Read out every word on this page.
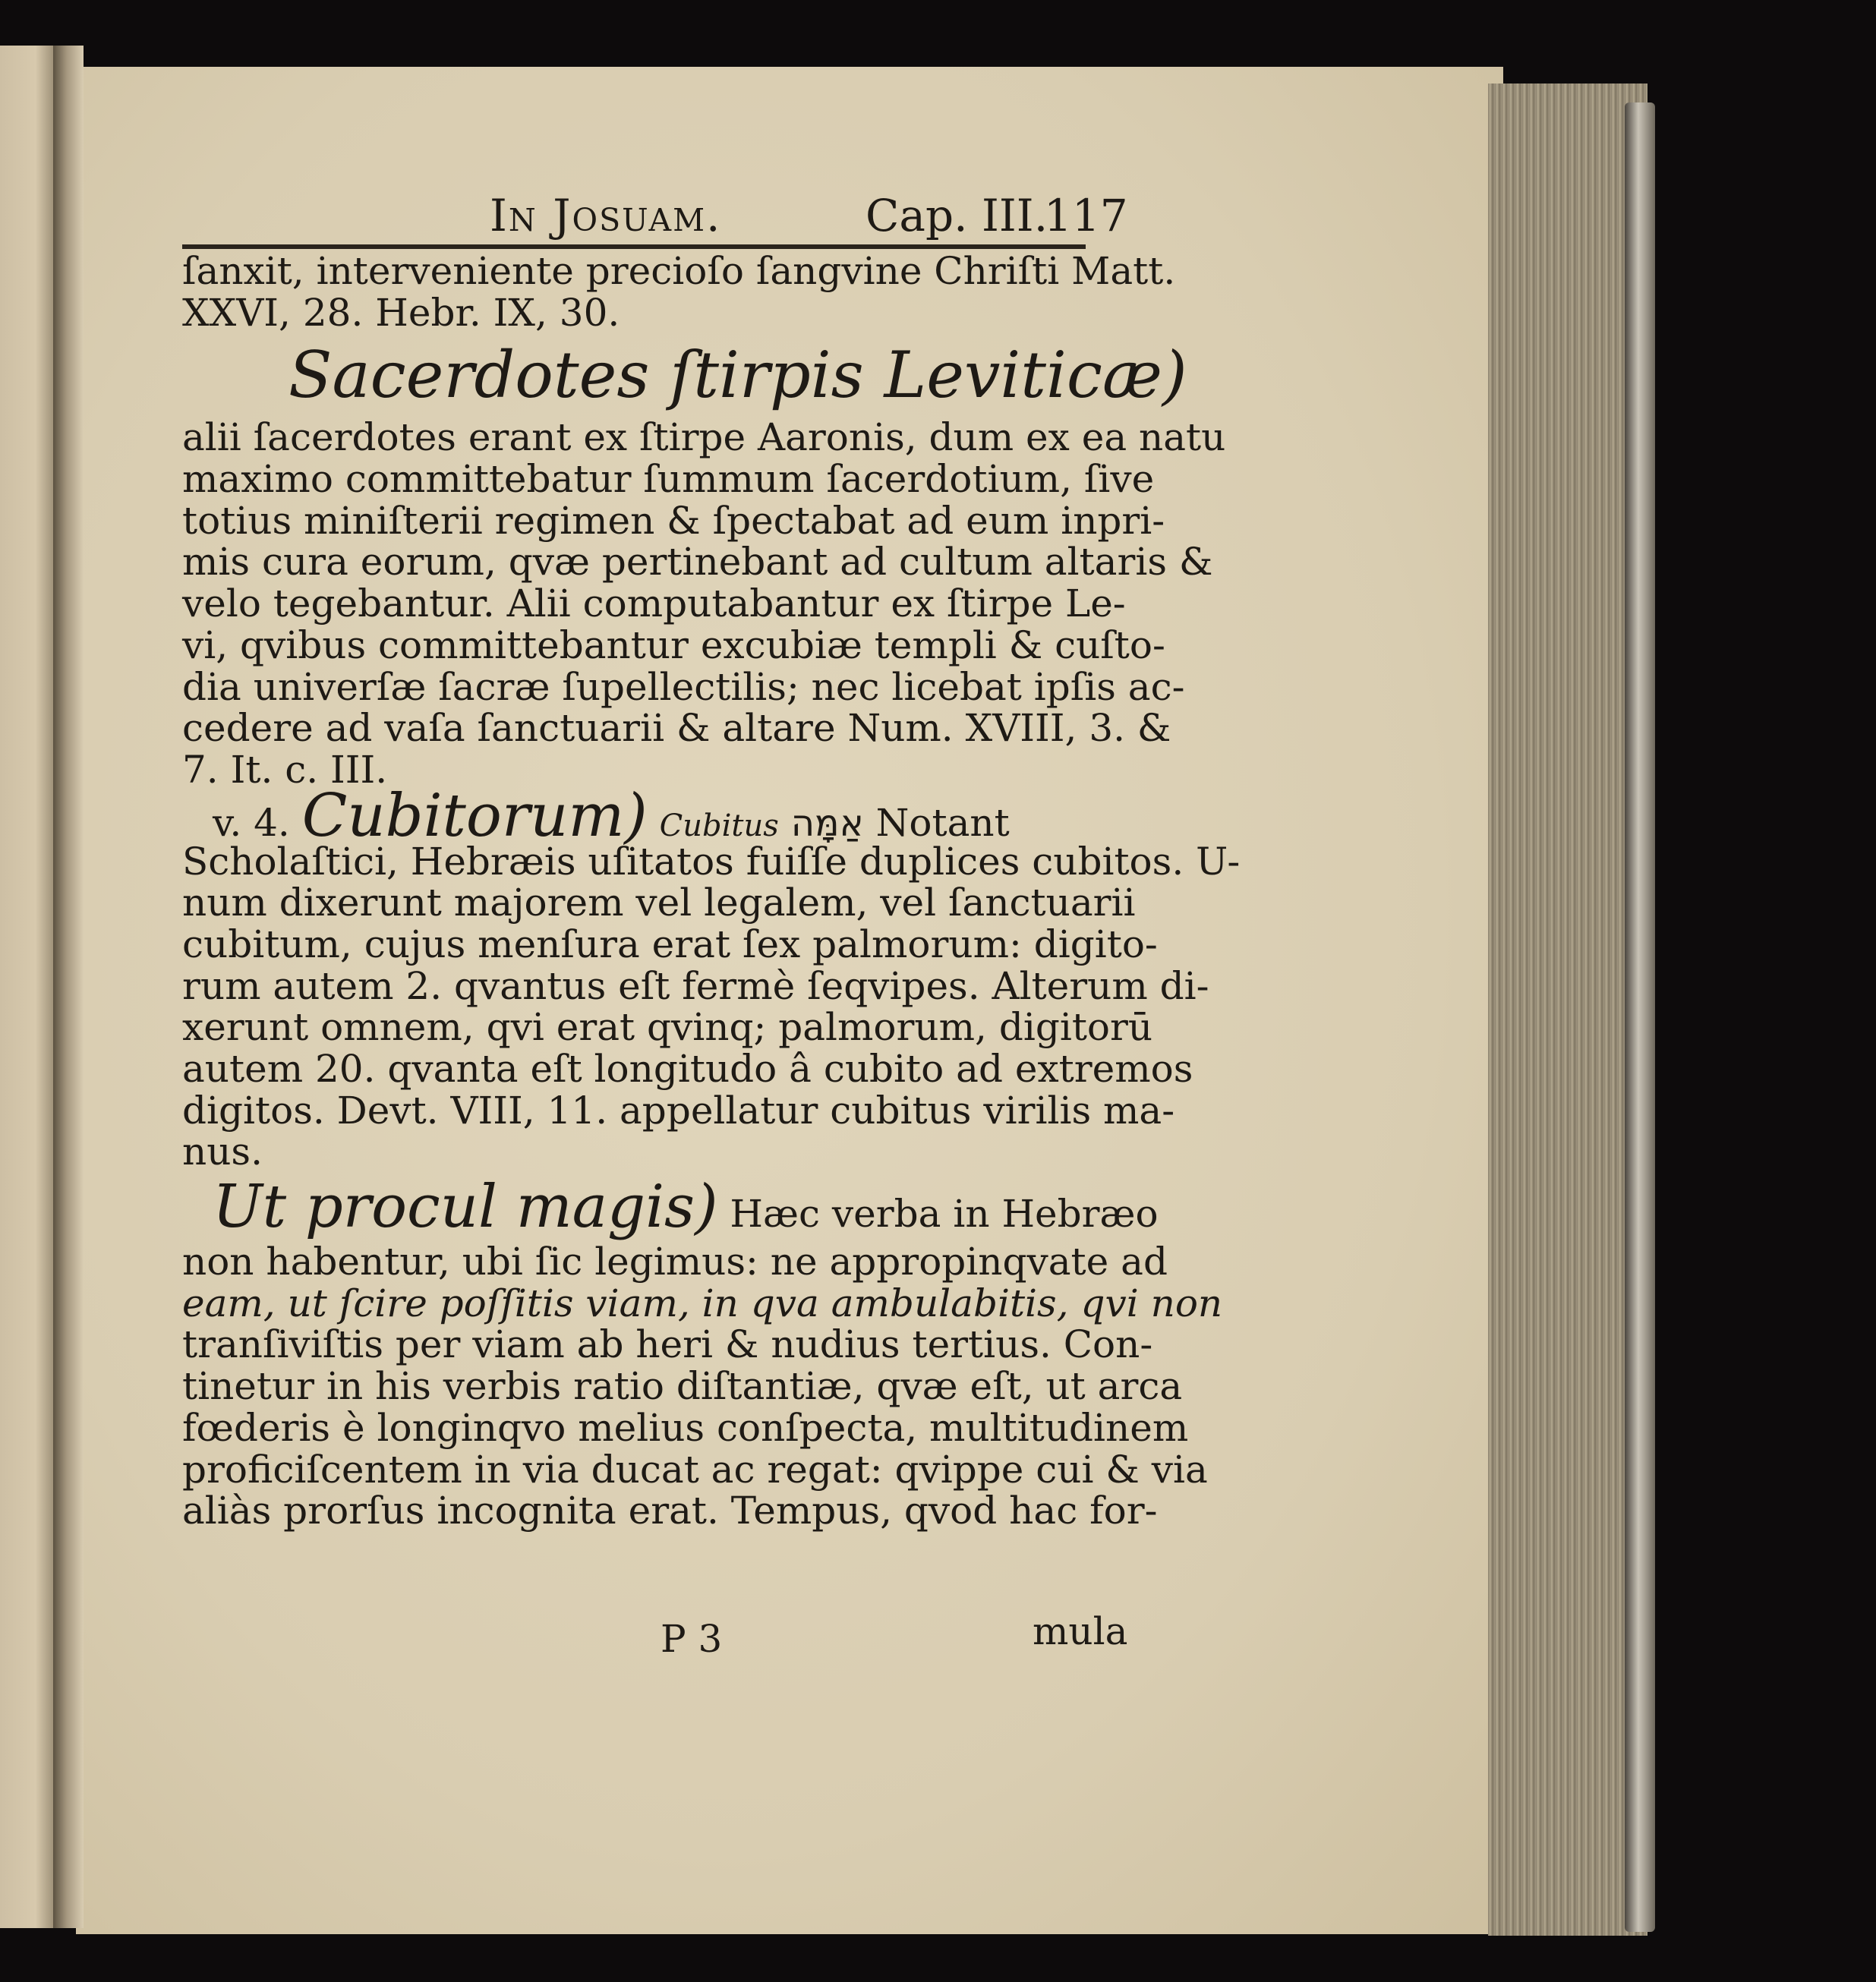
In Josuam.	Cap. III.
117
ſanxit, interveniente precioſo ſangvine Chriſti Matt.
XXVI, 28. Hebr. IX, 30.
Sacerdotes ſtirpis Leviticæ)
alii ſacerdotes erant ex ſtirpe Aaronis, dum ex ea natu
maximo committebatur ſummum ſacerdotium, ſive
totius miniſterii regimen & ſpectabat ad eum inpri-
mis cura eorum, qvæ pertinebant ad cultum altaris &
velo tegebantur. Alii computabantur ex ſtirpe Le-
vi, qvibus committebantur excubiæ templi & cuſto-
dia univerſæ ſacræ ſupellectilis; nec licebat ipſis ac-
cedere ad vaſa ſanctuarii & altare Num. XVIII, 3. &
7. It. c. III.
v. 4. Cubitorum) Cubitus אַמָּה Notant
Scholaſtici, Hebræis uſitatos fuiſſe duplices cubitos. U-
num dixerunt majorem vel legalem, vel ſanctuarii
cubitum, cujus menſura erat ſex palmorum: digito-
rum autem 2. qvantus eſt fermè ſeqvipes. Alterum di-
xerunt omnem, qvi erat qvinq; palmorum, digitorū
autem 20. qvanta eſt longitudo â cubito ad extremos
digitos. Devt. VIII, 11. appellatur cubitus virilis ma-
nus.
Ut procul magis) Hæc verba in Hebræo
non habentur, ubi ſic legimus: ne appropinqvate ad
eam, ut ſcire poſſitis viam, in qva ambulabitis, qvi non
tranſiviſtis per viam ab heri & nudius tertius. Con-
tinetur in his verbis ratio diſtantiæ, qvæ eſt, ut arca
fœderis è longinqvo melius conſpecta, multitudinem
proficiſcentem in via ducat ac regat: qvippe cui & via
aliàs prorſus incognita erat. Tempus, qvod hac for-
P 3	mula
